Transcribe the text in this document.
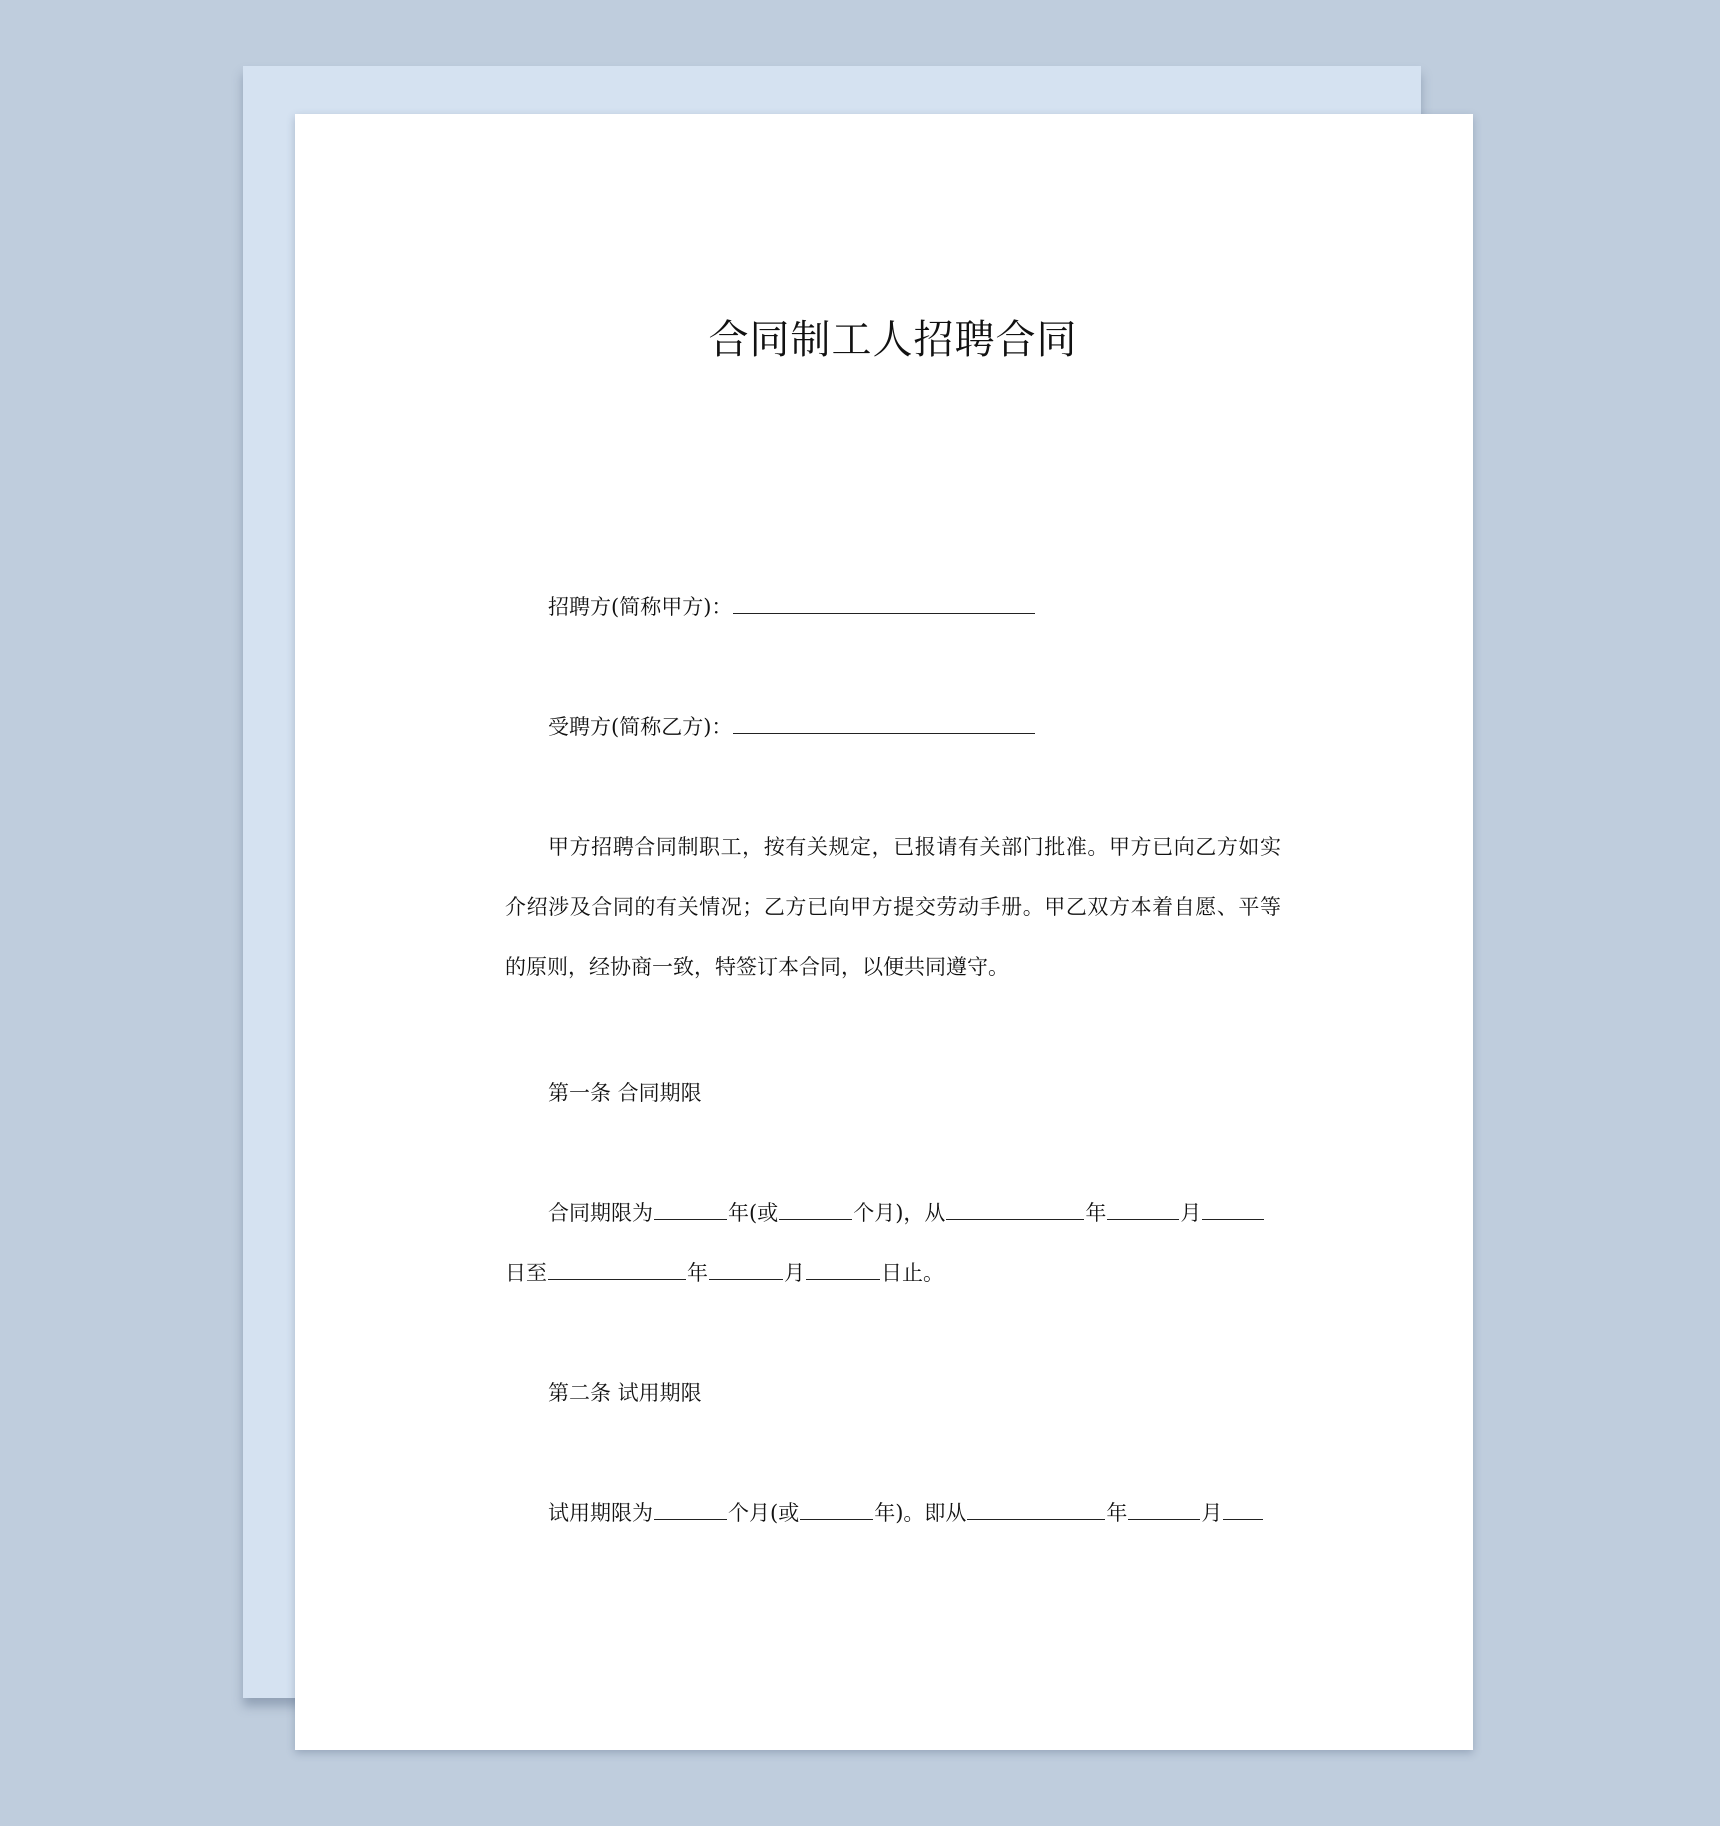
合同制工人招聘合同
招聘方(简称甲方)：
受聘方(简称乙方)：
甲方招聘合同制职工，按有关规定，已报请有关部门批准。甲方已向乙方如实
介绍涉及合同的有关情况；乙方已向甲方提交劳动手册。甲乙双方本着自愿、平等
的原则，经协商一致，特签订本合同，以便共同遵守。
第一条 合同期限
合同期限为	年(或	个月)，从	年	月
日至	年	月	日止。
第二条 试用期限
试用期限为	个月(或	年)。即从	年	月
